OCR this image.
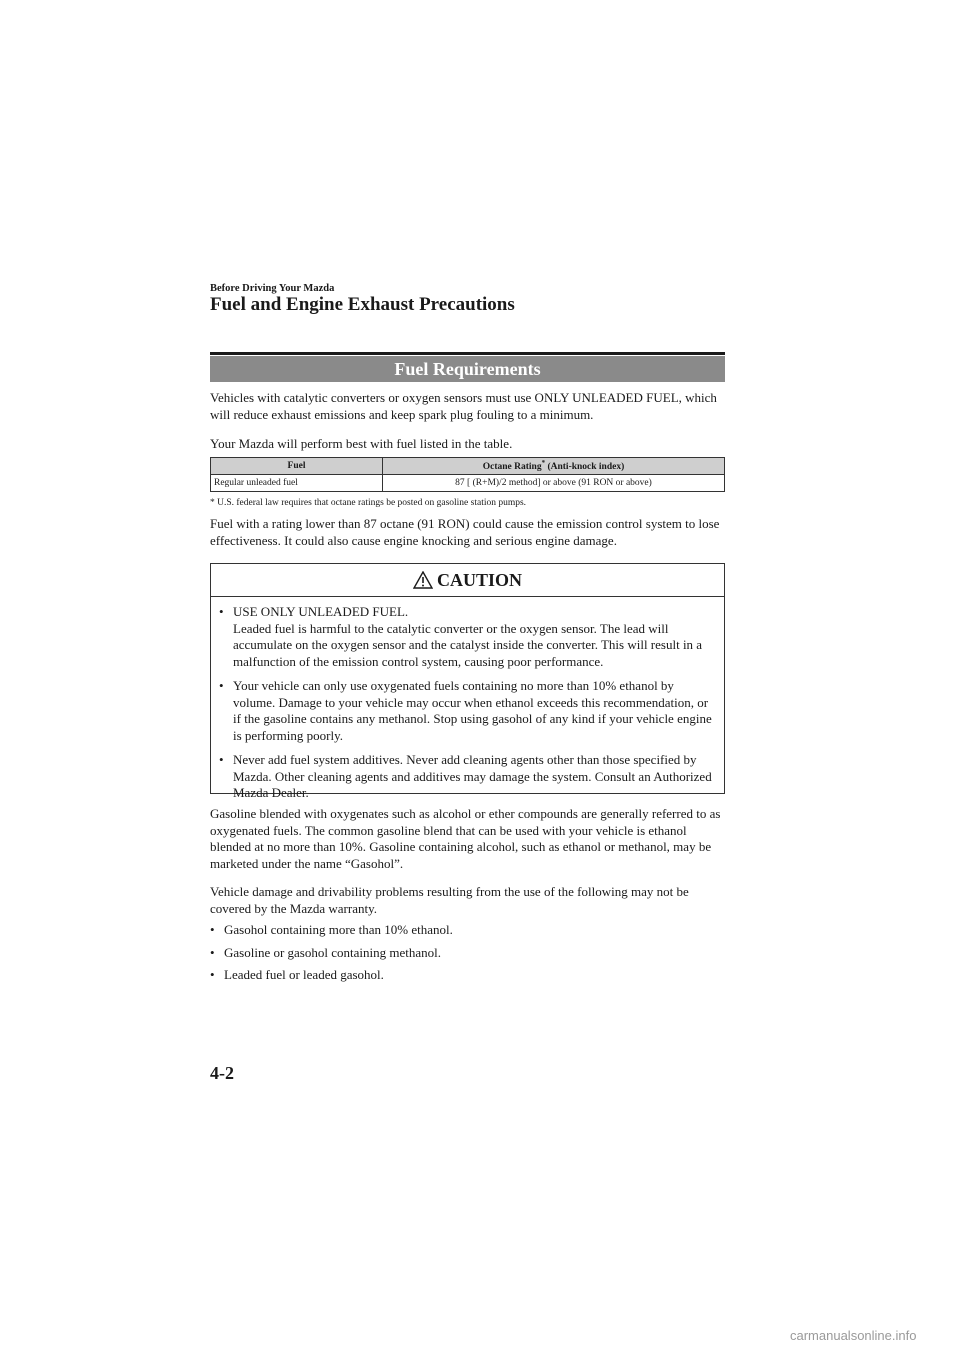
Before Driving Your Mazda
Fuel and Engine Exhaust Precautions
Fuel Requirements

Vehicles with catalytic converters or oxygen sensors must use ONLY UNLEADED FUEL, which will reduce exhaust emissions and keep spark plug fouling to a minimum.

Your Mazda will perform best with fuel listed in the table.

Fuel	Octane Rating* (Anti-knock index)
Regular unleaded fuel	87 [ (R+M)/2 method] or above (91 RON or above)
* U.S. federal law requires that octane ratings be posted on gasoline station pumps.

Fuel with a rating lower than 87 octane (91 RON) could cause the emission control system to lose effectiveness. It could also cause engine knocking and serious engine damage.

CAUTION
• USE ONLY UNLEADED FUEL.
Leaded fuel is harmful to the catalytic converter or the oxygen sensor. The lead will accumulate on the oxygen sensor and the catalyst inside the converter. This will result in a malfunction of the emission control system, causing poor performance.
• Your vehicle can only use oxygenated fuels containing no more than 10% ethanol by volume. Damage to your vehicle may occur when ethanol exceeds this recommendation, or if the gasoline contains any methanol. Stop using gasohol of any kind if your vehicle engine is performing poorly.
• Never add fuel system additives. Never add cleaning agents other than those specified by Mazda. Other cleaning agents and additives may damage the system. Consult an Authorized Mazda Dealer.

Gasoline blended with oxygenates such as alcohol or ether compounds are generally referred to as oxygenated fuels. The common gasoline blend that can be used with your vehicle is ethanol blended at no more than 10%. Gasoline containing alcohol, such as ethanol or methanol, may be marketed under the name “Gasohol”.

Vehicle damage and drivability problems resulting from the use of the following may not be covered by the Mazda warranty.

• Gasohol containing more than 10% ethanol.
• Gasoline or gasohol containing methanol.
• Leaded fuel or leaded gasohol.
4-2
carmanualsonline.info
